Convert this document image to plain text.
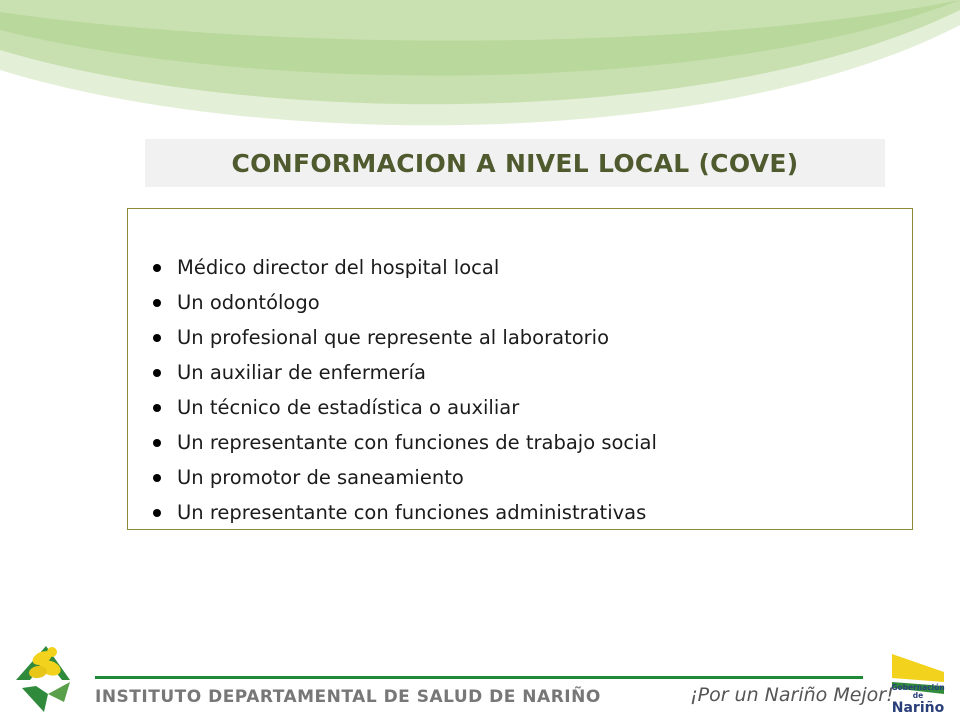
CONFORMACION A NIVEL LOCAL (COVE)
Médico director del hospital local
Un odontólogo
Un profesional que represente al laboratorio
Un auxiliar de enfermería
Un técnico de estadística o auxiliar
Un representante con funciones de trabajo social
Un promotor de saneamiento
Un representante con funciones administrativas
INSTITUTO DEPARTAMENTAL DE SALUD DE NARIÑO	¡Por un Nariño Mejor!
Gobernación de
Nariño
